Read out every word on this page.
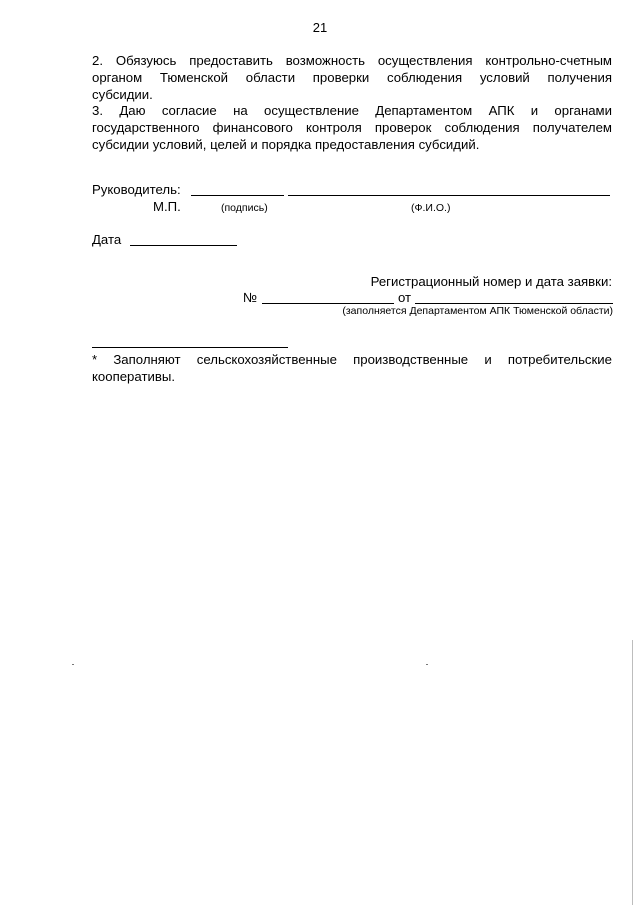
21
2. Обязуюсь предоставить возможность осуществления контрольно-счетным
органом Тюменской области проверки соблюдения условий получения
субсидии.
3. Даю согласие на осуществление Департаментом АПК и органами
государственного финансового контроля проверок соблюдения получателем
субсидии условий, целей и порядка предоставления субсидий.
Руководитель:
М.П.	(подпись)	(Ф.И.О.)
Дата
Регистрационный номер и дата заявки:
№	от
(заполняется Департаментом АПК Тюменской области)
* Заполняют сельскохозяйственные производственные и потребительские
кооперативы.
